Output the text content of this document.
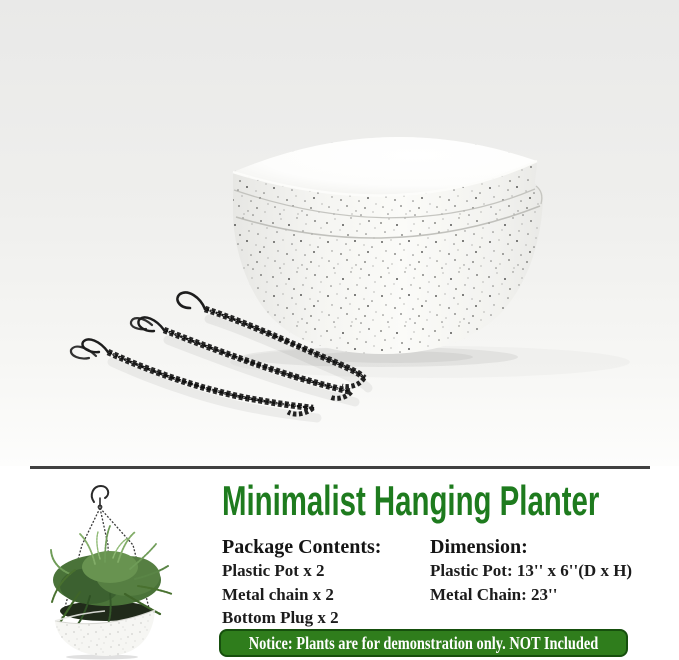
Minimalist Hanging Planter
Package Contents:
Plastic Pot x 2
Metal chain x 2
Bottom Plug x 2
Dimension:
Plastic Pot: 13'' x 6''(D x H)
Metal Chain: 23''
Notice: Plants are for demonstration only. NOT Included
